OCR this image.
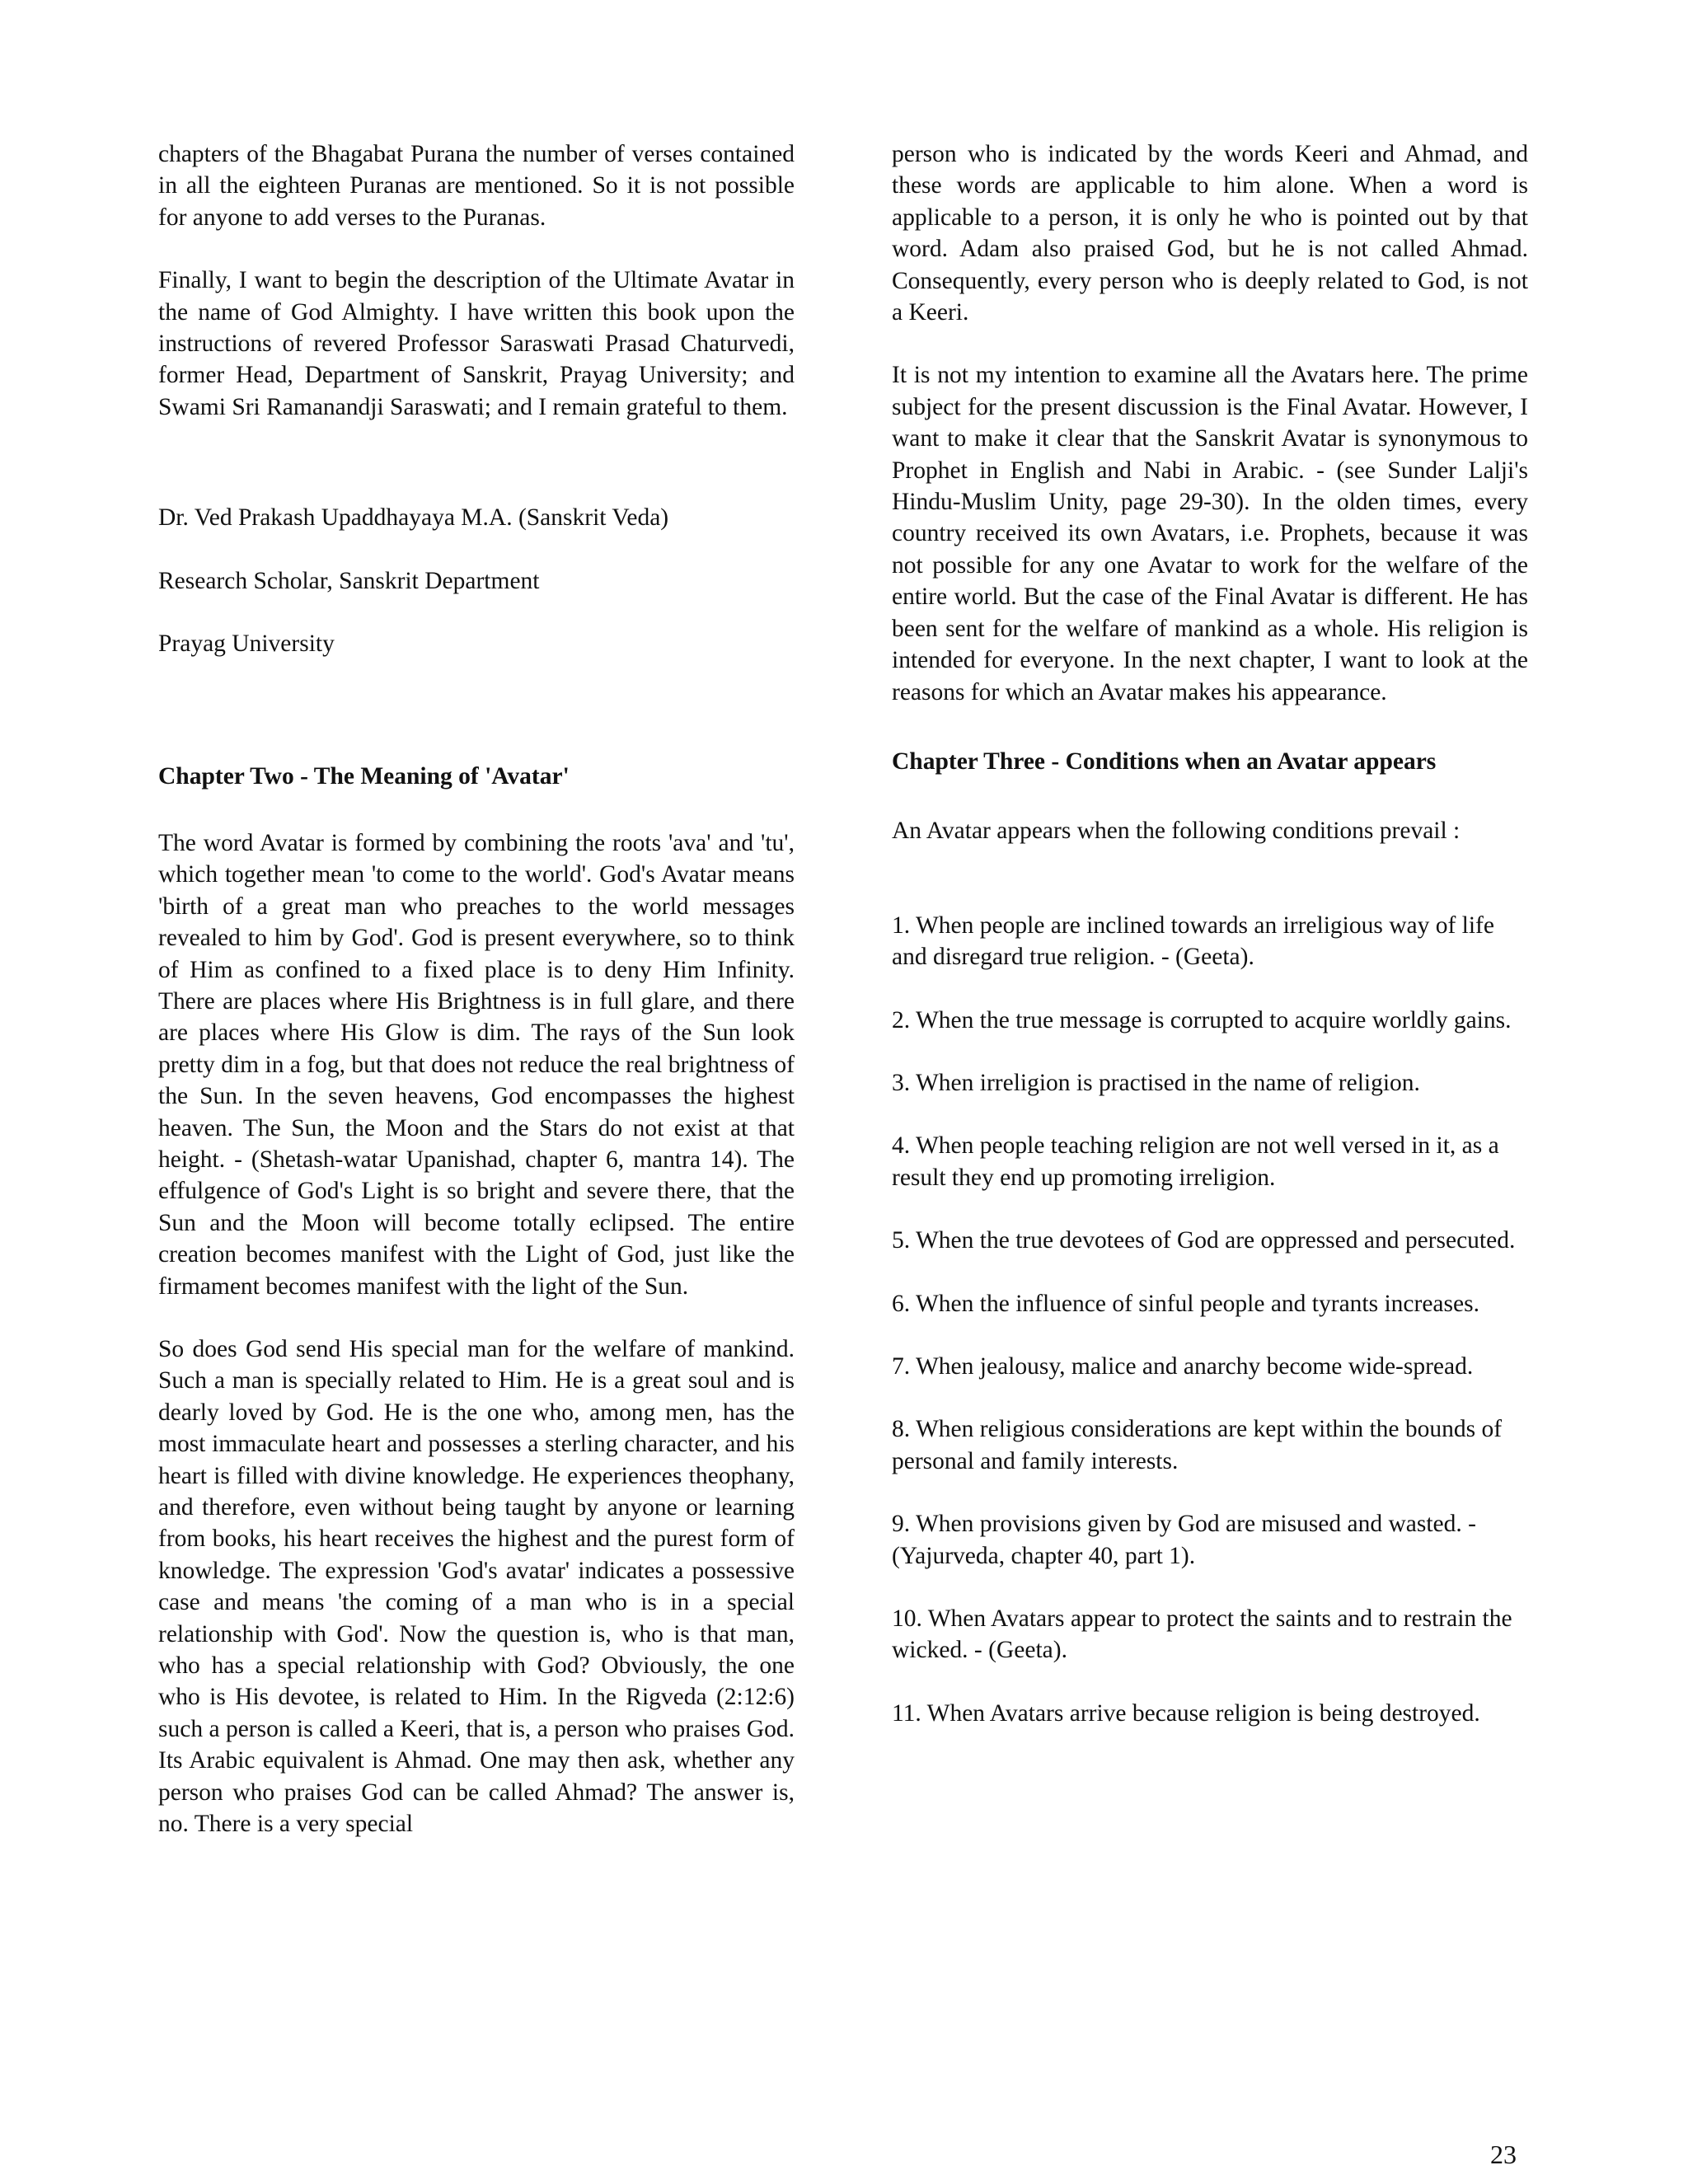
chapters of the Bhagabat Purana the number of verses contained in all the eighteen Puranas are mentioned. So it is not possible for anyone to add verses to the Puranas.

Finally, I want to begin the description of the Ultimate Avatar in the name of God Almighty. I have written this book upon the instructions of revered Professor Saraswati Prasad Chaturvedi, former Head, Department of Sanskrit, Prayag University; and Swami Sri Ramanandji Saraswati; and I remain grateful to them.

Dr. Ved Prakash Upaddhayaya M.A. (Sanskrit Veda)

Research Scholar, Sanskrit Department

Prayag University

Chapter Two - The Meaning of 'Avatar'

The word Avatar is formed by combining the roots 'ava' and 'tu', which together mean 'to come to the world'. God's Avatar means 'birth of a great man who preaches to the world messages revealed to him by God'. God is present everywhere, so to think of Him as confined to a fixed place is to deny Him Infinity. There are places where His Brightness is in full glare, and there are places where His Glow is dim. The rays of the Sun look pretty dim in a fog, but that does not reduce the real brightness of the Sun. In the seven heavens, God encompasses the highest heaven. The Sun, the Moon and the Stars do not exist at that height. - (Shetash-watar Upanishad, chapter 6, mantra 14). The effulgence of God's Light is so bright and severe there, that the Sun and the Moon will become totally eclipsed. The entire creation becomes manifest with the Light of God, just like the firmament becomes manifest with the light of the Sun.

So does God send His special man for the welfare of mankind. Such a man is specially related to Him. He is a great soul and is dearly loved by God. He is the one who, among men, has the most immaculate heart and possesses a sterling character, and his heart is filled with divine knowledge. He experiences theophany, and therefore, even without being taught by anyone or learning from books, his heart receives the highest and the purest form of knowledge. The expression 'God's avatar' indicates a possessive case and means 'the coming of a man who is in a special relationship with God'. Now the question is, who is that man, who has a special relationship with God? Obviously, the one who is His devotee, is related to Him. In the Rigveda (2:12:6) such a person is called a Keeri, that is, a person who praises God. Its Arabic equivalent is Ahmad. One may then ask, whether any person who praises God can be called Ahmad? The answer is, no. There is a very special

person who is indicated by the words Keeri and Ahmad, and these words are applicable to him alone. When a word is applicable to a person, it is only he who is pointed out by that word. Adam also praised God, but he is not called Ahmad. Consequently, every person who is deeply related to God, is not a Keeri.

It is not my intention to examine all the Avatars here. The prime subject for the present discussion is the Final Avatar. However, I want to make it clear that the Sanskrit Avatar is synonymous to Prophet in English and Nabi in Arabic. - (see Sunder Lalji's Hindu-Muslim Unity, page 29-30). In the olden times, every country received its own Avatars, i.e. Prophets, because it was not possible for any one Avatar to work for the welfare of the entire world. But the case of the Final Avatar is different. He has been sent for the welfare of mankind as a whole. His religion is intended for everyone. In the next chapter, I want to look at the reasons for which an Avatar makes his appearance.

Chapter Three - Conditions when an Avatar appears

An Avatar appears when the following conditions prevail :

1. When people are inclined towards an irreligious way of life and disregard true religion. - (Geeta).

2. When the true message is corrupted to acquire worldly gains.

3. When irreligion is practised in the name of religion.

4. When people teaching religion are not well versed in it, as a result they end up promoting irreligion.

5. When the true devotees of God are oppressed and persecuted.

6. When the influence of sinful people and tyrants increases.

7. When jealousy, malice and anarchy become wide-spread.

8. When religious considerations are kept within the bounds of personal and family interests.

9. When provisions given by God are misused and wasted. - (Yajurveda, chapter 40, part 1).

10. When Avatars appear to protect the saints and to restrain the wicked. - (Geeta).

11. When Avatars arrive because religion is being destroyed.

23
